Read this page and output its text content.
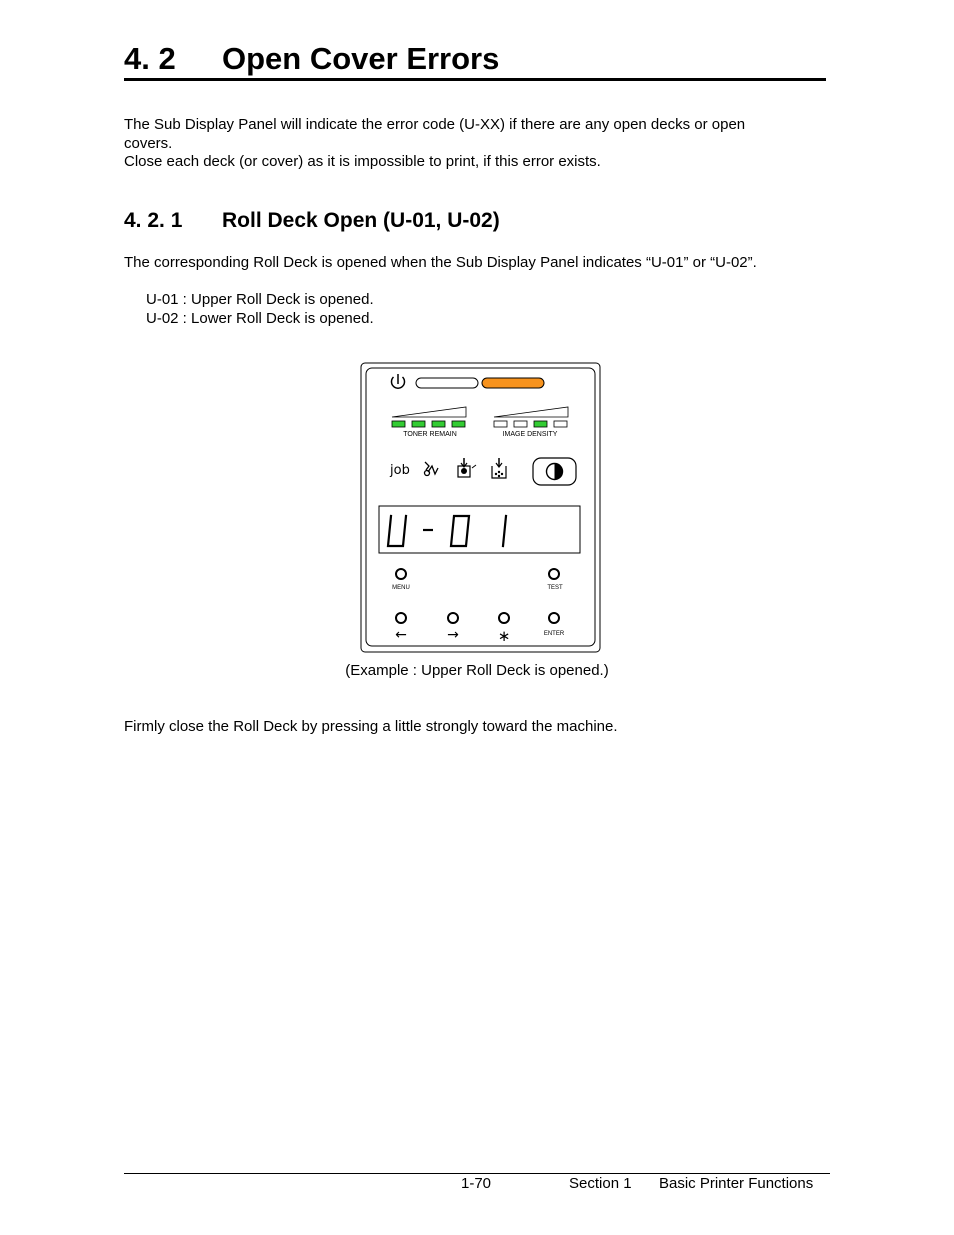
4. 2 Open Cover Errors
The Sub Display Panel will indicate the error code (U-XX) if there are any open decks or open
covers.
Close each deck (or cover) as it is impossible to print, if this error exists.
4. 2. 1 Roll Deck Open (U-01, U-02)
The corresponding Roll Deck is opened when the Sub Display Panel indicates “U-01” or “U-02”.
U-01 : Upper Roll Deck is opened.
U-02 : Lower Roll Deck is opened.
TONER REMAIN	IMAGE DENSITY
job
MENU	TEST
←	→	∗	ENTER
(Example : Upper Roll Deck is opened.)
Firmly close the Roll Deck by pressing a little strongly toward the machine.
1-70	Section 1 Basic Printer Functions
